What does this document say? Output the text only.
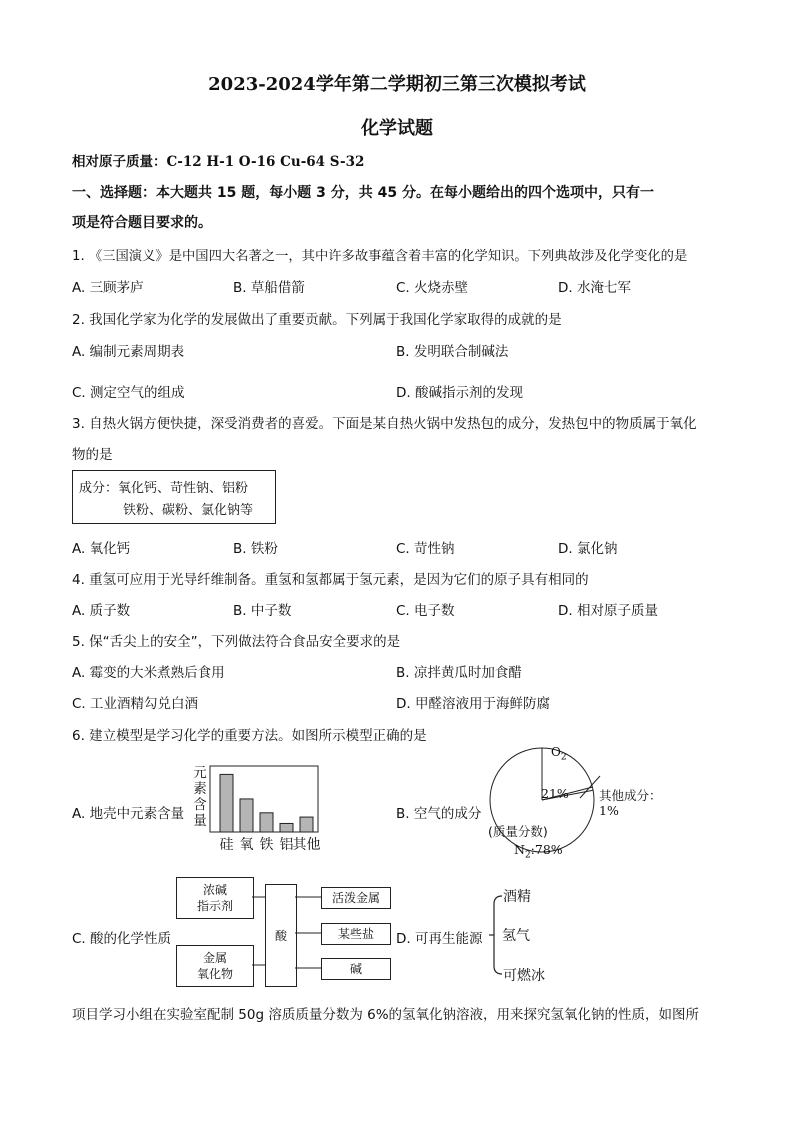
2023-2024学年第二学期初三第三次模拟考试
化学试题
相对原子质量：C-12 H-1 O-16 Cu-64 S-32
一、选择题：本大题共 15 题，每小题 3 分，共 45 分。在每小题给出的四个选项中，只有一
项是符合题目要求的。
1. 《三国演义》是中国四大名著之一，其中许多故事蕴含着丰富的化学知识。下列典故涉及化学变化的是
A. 三顾茅庐	B. 草船借箭	C. 火烧赤壁	D. 水淹七军
2. 我国化学家为化学的发展做出了重要贡献。下列属于我国化学家取得的成就的是
A. 编制元素周期表	B. 发明联合制碱法
C. 测定空气的组成	D. 酸碱指示剂的发现
3. 自热火锅方便快捷，深受消费者的喜爱。下面是某自热火锅中发热包的成分，发热包中的物质属于氧化
物的是
成分：氧化钙、苛性钠、铝粉
铁粉、碳粉、氯化钠等
A. 氧化钙	B. 铁粉	C. 苛性钠	D. 氯化钠
4. 重氢可应用于光导纤维制备。重氢和氢都属于氢元素，是因为它们的原子具有相同的
A. 质子数	B. 中子数	C. 电子数	D. 相对原子质量
5. 保“舌尖上的安全”，下列做法符合食品安全要求的是
A. 霉变的大米煮熟后食用	B. 凉拌黄瓜时加食醋
C. 工业酒精勾兑白酒	D. 甲醛溶液用于海鲜防腐
6. 建立模型是学习化学的重要方法。如图所示模型正确的是
A. 地壳中元素含量
元
素
含
量
硅 氧 铁 铝 其他
B. 空气的成分
$O_2$
21% 其他成分：
1%
(质量分数)
$N_2:78\%$
C. 酸的化学性质
浓碱
指示剂
金属
氧化物
酸
活泼金属
某些盐
碱
D. 可再生能源
酒精
氢气
可燃冰
项目学习小组在实验室配制 50g 溶质质量分数为 6%的氢氧化钠溶液，用来探究氢氧化钠的性质，如图所
